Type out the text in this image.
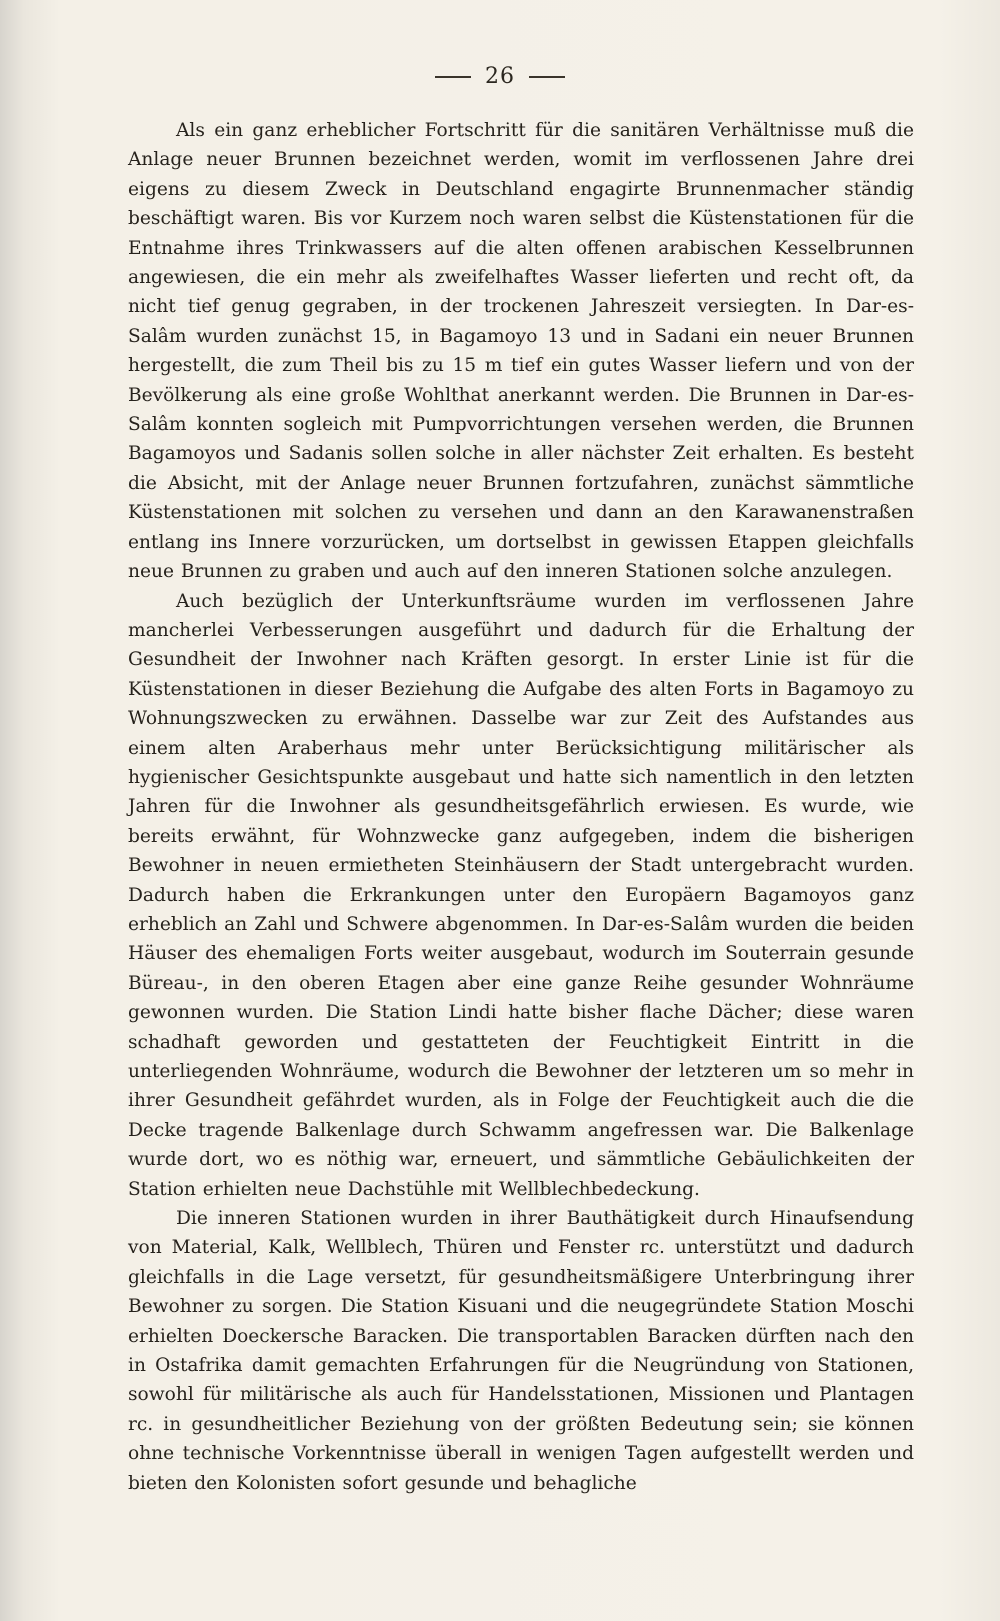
26

Als ein ganz erheblicher Fortschritt für die sanitären Verhältnisse muß die Anlage neuer Brunnen bezeichnet werden, womit im verflossenen Jahre drei eigens zu diesem Zweck in Deutschland engagirte Brunnenmacher ständig beschäftigt waren. Bis vor Kurzem noch waren selbst die Küstenstationen für die Entnahme ihres Trinkwassers auf die alten offenen arabischen Kesselbrunnen angewiesen, die ein mehr als zweifelhaftes Wasser lieferten und recht oft, da nicht tief genug gegraben, in der trockenen Jahreszeit versiegten. In Dar-es-Salâm wurden zunächst 15, in Bagamoyo 13 und in Sadani ein neuer Brunnen hergestellt, die zum Theil bis zu 15 m tief ein gutes Wasser liefern und von der Bevölkerung als eine große Wohlthat anerkannt werden. Die Brunnen in Dar-es-Salâm konnten sogleich mit Pumpvorrichtungen versehen werden, die Brunnen Bagamoyos und Sadanis sollen solche in aller nächster Zeit erhalten. Es besteht die Absicht, mit der Anlage neuer Brunnen fortzufahren, zunächst sämmtliche Küstenstationen mit solchen zu versehen und dann an den Karawanenstraßen entlang ins Innere vorzurücken, um dortselbst in gewissen Etappen gleichfalls neue Brunnen zu graben und auch auf den inneren Stationen solche anzulegen.

Auch bezüglich der Unterkunftsräume wurden im verflossenen Jahre mancherlei Verbesserungen ausgeführt und dadurch für die Erhaltung der Gesundheit der Inwohner nach Kräften gesorgt. In erster Linie ist für die Küstenstationen in dieser Beziehung die Aufgabe des alten Forts in Bagamoyo zu Wohnungszwecken zu erwähnen. Dasselbe war zur Zeit des Aufstandes aus einem alten Araberhaus mehr unter Berücksichtigung militärischer als hygienischer Gesichtspunkte ausgebaut und hatte sich namentlich in den letzten Jahren für die Inwohner als gesundheitsgefährlich erwiesen. Es wurde, wie bereits erwähnt, für Wohnzwecke ganz aufgegeben, indem die bisherigen Bewohner in neuen ermietheten Steinhäusern der Stadt untergebracht wurden. Dadurch haben die Erkrankungen unter den Europäern Bagamoyos ganz erheblich an Zahl und Schwere abgenommen. In Dar-es-Salâm wurden die beiden Häuser des ehemaligen Forts weiter ausgebaut, wodurch im Souterrain gesunde Büreau-, in den oberen Etagen aber eine ganze Reihe gesunder Wohnräume gewonnen wurden. Die Station Lindi hatte bisher flache Dächer; diese waren schadhaft geworden und gestatteten der Feuchtigkeit Eintritt in die unterliegenden Wohnräume, wodurch die Bewohner der letzteren um so mehr in ihrer Gesundheit gefährdet wurden, als in Folge der Feuchtigkeit auch die die Decke tragende Balkenlage durch Schwamm angefressen war. Die Balkenlage wurde dort, wo es nöthig war, erneuert, und sämmtliche Gebäulichkeiten der Station erhielten neue Dachstühle mit Wellblechbedeckung.

Die inneren Stationen wurden in ihrer Bauthätigkeit durch Hinaufsendung von Material, Kalk, Wellblech, Thüren und Fenster rc. unterstützt und dadurch gleichfalls in die Lage versetzt, für gesundheitsmäßigere Unterbringung ihrer Bewohner zu sorgen. Die Station Kisuani und die neugegründete Station Moschi erhielten Doeckersche Baracken. Die transportablen Baracken dürften nach den in Ostafrika damit gemachten Erfahrungen für die Neugründung von Stationen, sowohl für militärische als auch für Handelsstationen, Missionen und Plantagen rc. in gesundheitlicher Beziehung von der größten Bedeutung sein; sie können ohne technische Vorkenntnisse überall in wenigen Tagen aufgestellt werden und bieten den Kolonisten sofort gesunde und behagliche
